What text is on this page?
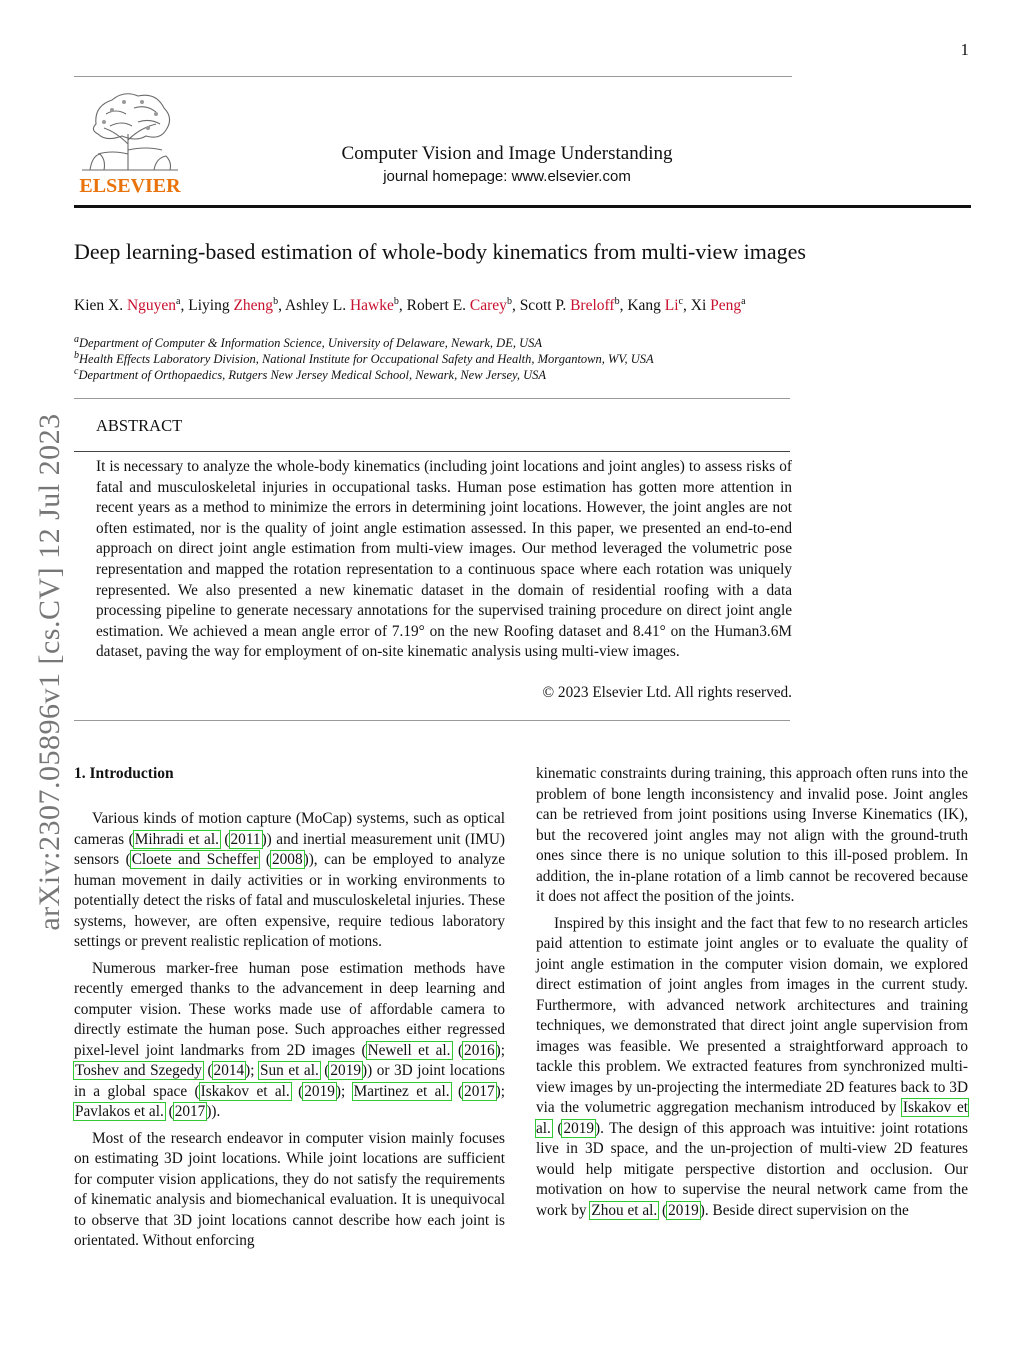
1
ELSEVIER
Computer Vision and Image Understanding
journal homepage: www.elsevier.com
Deep learning-based estimation of whole-body kinematics from multi-view images
Kien X. Nguyen$^a$, Liying Zheng$^b$, Ashley L. Hawke$^b$, Robert E. Carey$^b$, Scott P. Breloff$^b$, Kang Li$^c$, Xi Peng$^a$
$^a$Department of Computer & Information Science, University of Delaware, Newark, DE, USA
$^b$Health Effects Laboratory Division, National Institute for Occupational Safety and Health, Morgantown, WV, USA
$^c$Department of Orthopaedics, Rutgers New Jersey Medical School, Newark, New Jersey, USA
arXiv:2307.05896v1 [cs.CV] 12 Jul 2023 ABSTRACT
It is necessary to analyze the whole-body kinematics (including joint locations and joint angles) to assess risks of fatal and musculoskeletal injuries in occupational tasks. Human pose estimation has gotten more attention in recent years as a method to minimize the errors in determining joint locations. However, the joint angles are not often estimated, nor is the quality of joint angle estimation assessed. In this paper, we presented an end-to-end approach on direct joint angle estimation from multi-view images. Our method leveraged the volumetric pose representation and mapped the rotation representation to a continuous space where each rotation was uniquely represented. We also presented a new kinematic dataset in the domain of residential roofing with a data processing pipeline to generate necessary annotations for the supervised training procedure on direct joint angle estimation. We achieved a mean angle error of 7.19° on the new Roofing dataset and 8.41° on the Human3.6M dataset, paving the way for employment of on-site kinematic analysis using multi-view images.
© 2023 Elsevier Ltd. All rights reserved.
1. Introduction

Various kinds of motion capture (MoCap) systems, such as optical cameras (Mihradi et al. (2011)) and inertial measurement unit (IMU) sensors (Cloete and Scheffer (2008)), can be employed to analyze human movement in daily activities or in working environments to potentially detect the risks of fatal and musculoskeletal injuries. These systems, however, are often expensive, require tedious laboratory settings or prevent realistic replication of motions.

Numerous marker-free human pose estimation methods have recently emerged thanks to the advancement in deep learning and computer vision. These works made use of affordable camera to directly estimate the human pose. Such approaches either regressed pixel-level joint landmarks from 2D images (Newell et al. (2016); Toshev and Szegedy (2014); Sun et al. (2019)) or 3D joint locations in a global space (Iskakov et al. (2019); Martinez et al. (2017); Pavlakos et al. (2017)).

Most of the research endeavor in computer vision mainly focuses on estimating 3D joint locations. While joint locations are sufficient for computer vision applications, they do not satisfy the requirements of kinematic analysis and biomechanical evaluation. It is unequivocal to observe that 3D joint locations cannot describe how each joint is orientated. Without enforcing

kinematic constraints during training, this approach often runs into the problem of bone length inconsistency and invalid pose. Joint angles can be retrieved from joint positions using Inverse Kinematics (IK), but the recovered joint angles may not align with the ground-truth ones since there is no unique solution to this ill-posed problem. In addition, the in-plane rotation of a limb cannot be recovered because it does not affect the position of the joints.

Inspired by this insight and the fact that few to no research articles paid attention to estimate joint angles or to evaluate the quality of joint angle estimation in the computer vision domain, we explored direct estimation of joint angles from images in the current study. Furthermore, with advanced network architectures and training techniques, we demonstrated that direct joint angle supervision from images was feasible. We presented a straightforward approach to tackle this problem. We extracted features from synchronized multi-view images by un-projecting the intermediate 2D features back to 3D via the volumetric aggregation mechanism introduced by Iskakov et al. (2019). The design of this approach was intuitive: joint rotations live in 3D space, and the un-projection of multi-view 2D features would help mitigate perspective distortion and occlusion. Our motivation on how to supervise the neural network came from the work by Zhou et al. (2019). Beside direct supervision on the
